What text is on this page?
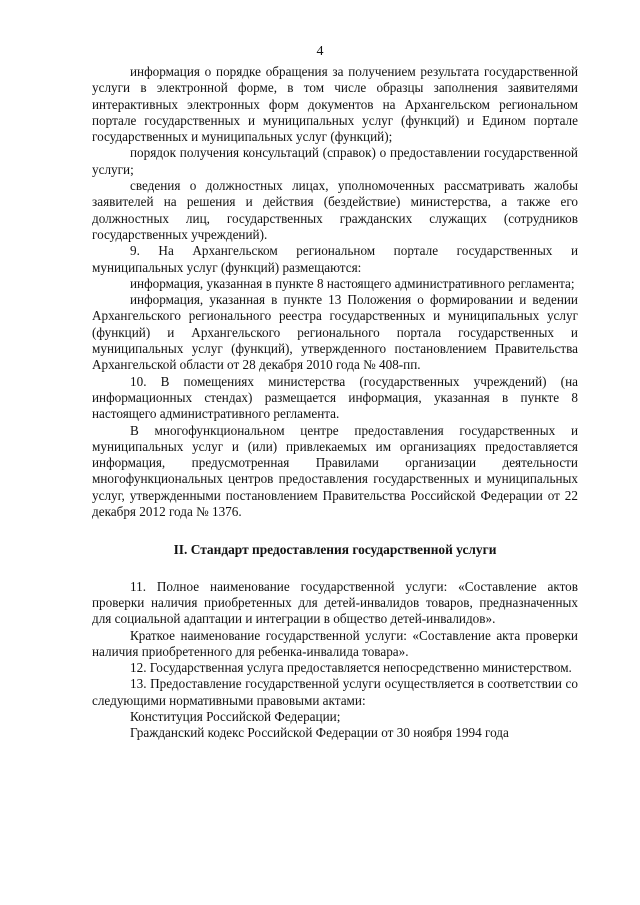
4

информация о порядке обращения за получением результата государственной услуги в электронной форме, в том числе образцы заполнения заявителями интерактивных электронных форм документов на Архангельском региональном портале государственных и муниципальных услуг (функций) и Едином портале государственных и муниципальных услуг (функций);

порядок получения консультаций (справок) о предоставлении государственной услуги;

сведения о должностных лицах, уполномоченных рассматривать жалобы заявителей на решения и действия (бездействие) министерства, а также его должностных лиц, государственных гражданских служащих (сотрудников государственных учреждений).

9. На Архангельском региональном портале государственных и муниципальных услуг (функций) размещаются:

информация, указанная в пункте 8 настоящего административного регламента;

информация, указанная в пункте 13 Положения о формировании и ведении Архангельского регионального реестра государственных и муниципальных услуг (функций) и Архангельского регионального портала государственных и муниципальных услуг (функций), утвержденного постановлением Правительства Архангельской области от 28 декабря 2010 года № 408-пп.

10. В помещениях министерства (государственных учреждений) (на информационных стендах) размещается информация, указанная в пункте 8 настоящего административного регламента.

В многофункциональном центре предоставления государственных и муниципальных услуг и (или) привлекаемых им организациях предоставляется информация, предусмотренная Правилами организации деятельности многофункциональных центров предоставления государственных и муниципальных услуг, утвержденными постановлением Правительства Российской Федерации от 22 декабря 2012 года № 1376.

II. Стандарт предоставления государственной услуги

11. Полное наименование государственной услуги: «Составление актов проверки наличия приобретенных для детей-инвалидов товаров, предназначенных для социальной адаптации и интеграции в общество детей-инвалидов».

Краткое наименование государственной услуги: «Составление акта проверки наличия приобретенного для ребенка-инвалида товара».

12. Государственная услуга предоставляется непосредственно министерством.

13. Предоставление государственной услуги осуществляется в соответствии со следующими нормативными правовыми актами:

Конституция Российской Федерации;

Гражданский кодекс Российской Федерации от 30 ноября 1994 года
